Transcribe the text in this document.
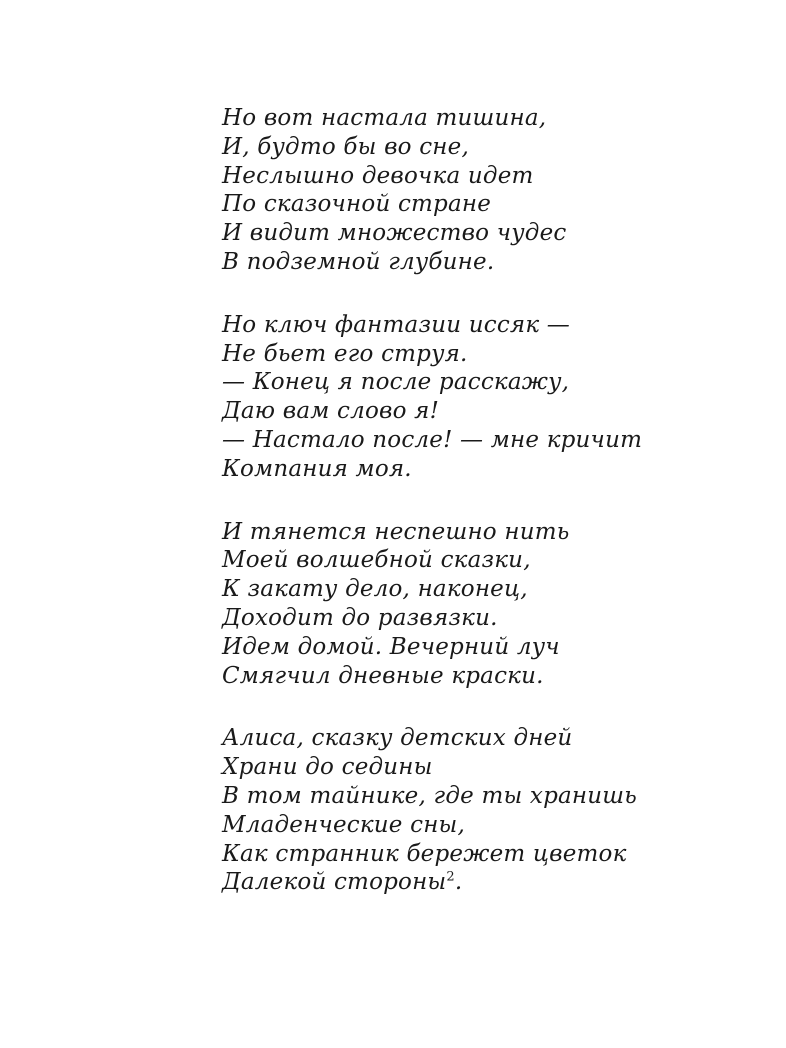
Но вот настала тишина,
И, будто бы во сне,
Неслышно девочка идет
По сказочной стране
И видит множество чудес
В подземной глубине.
Но ключ фантазии иссяк —
Не бьет его струя.
— Конец я после расскажу,
Даю вам слово я!
— Настало после! — мне кричит
Компания моя.
И тянется неспешно нить
Моей волшебной сказки,
К закату дело, наконец,
Доходит до развязки.
Идем домой. Вечерний луч
Смягчил дневные краски.
Алиса, сказку детских дней
Храни до седины
В том тайнике, где ты хранишь
Младенческие сны,
Как странник бережет цветок
Далекой стороны$^2$.
